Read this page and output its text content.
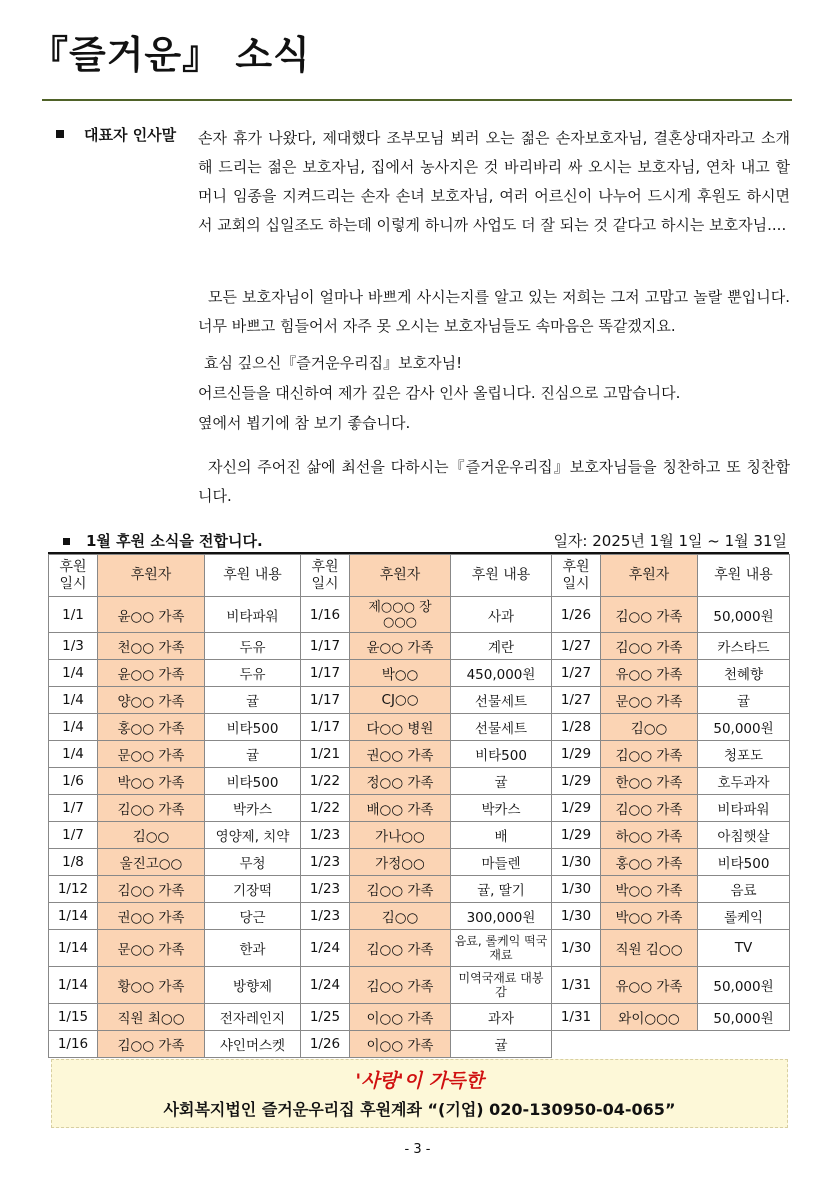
『즐거운』 소식
대표자 인사말 손자 휴가 나왔다, 제대했다 조부모님 뵈러 오는 젊은 손자보호자님, 결혼상대자라고 소개해 드리는 젊은 보호자님, 집에서 농사지은 것 바리바리 싸 오시는 보호자님, 연차 내고 할머니 임종을 지켜드리는 손자 손녀 보호자님, 여러 어르신이 나누어 드시게 후원도 하시면서 교회의 십일조도 하는데 이렇게 하니까 사업도 더 잘 되는 것 같다고 하시는 보호자님....
모든 보호자님이 얼마나 바쁘게 사시는지를 알고 있는 저희는 그저 고맙고 놀랄 뿐입니다. 너무 바쁘고 힘들어서 자주 못 오시는 보호자님들도 속마음은 똑같겠지요.
효심 깊으신『즐거운우리집』보호자님!
어르신들을 대신하여 제가 깊은 감사 인사 올립니다. 진심으로 고맙습니다.
옆에서 뵙기에 참 보기 좋습니다.
자신의 주어진 삶에 최선을 다하시는『즐거운우리집』보호자님들을 칭찬하고 또 칭찬합니다.
1월 후원 소식을 전합니다.	일자: 2025년 1월 1일 ~ 1월 31일
후원 일시	후원자	후원 내용	후원 일시	후원자	후원 내용	후원 일시	후원자	후원 내용
1/1	윤○○ 가족	비타파워	1/16	제○○○ 장○○○	사과	1/26	김○○ 가족	50,000원
1/3	천○○ 가족	두유	1/17	윤○○ 가족	계란	1/27	김○○ 가족	카스타드
1/4	윤○○ 가족	두유	1/17	박○○	450,000원	1/27	유○○ 가족	천혜향
1/4	양○○ 가족	귤	1/17	CJ○○	선물세트	1/27	문○○ 가족	귤
1/4	홍○○ 가족	비타500	1/17	다○○ 병원	선물세트	1/28	김○○	50,000원
1/4	문○○ 가족	귤	1/21	권○○ 가족	비타500	1/29	김○○ 가족	청포도
1/6	박○○ 가족	비타500	1/22	정○○ 가족	귤	1/29	한○○ 가족	호두과자
1/7	김○○ 가족	박카스	1/22	배○○ 가족	박카스	1/29	김○○ 가족	비타파워
1/7	김○○	영양제, 치약	1/23	가나○○	배	1/29	하○○ 가족	아침햇살
1/8	울진고○○	무청	1/23	가정○○	마들렌	1/30	홍○○ 가족	비타500
1/12	김○○ 가족	기장떡	1/23	김○○ 가족	귤, 딸기	1/30	박○○ 가족	음료
1/14	권○○ 가족	당근	1/23	김○○	300,000원	1/30	박○○ 가족	롤케익
1/14	문○○ 가족	한과	1/24	김○○ 가족	음료, 롤케익 떡국재료	1/30	직원 김○○	TV
1/14	황○○ 가족	방향제	1/24	김○○ 가족	미역국재료 대봉감	1/31	유○○ 가족	50,000원
1/15	직원 최○○	전자레인지	1/25	이○○ 가족	과자	1/31	와이○○○	50,000원
1/16	김○○ 가족	샤인머스켓	1/26	이○○ 가족	귤			
'사랑'이 가득한
사회복지법인 즐거운우리집 후원계좌 “(기업) 020-130950-04-065”
- 3 -
